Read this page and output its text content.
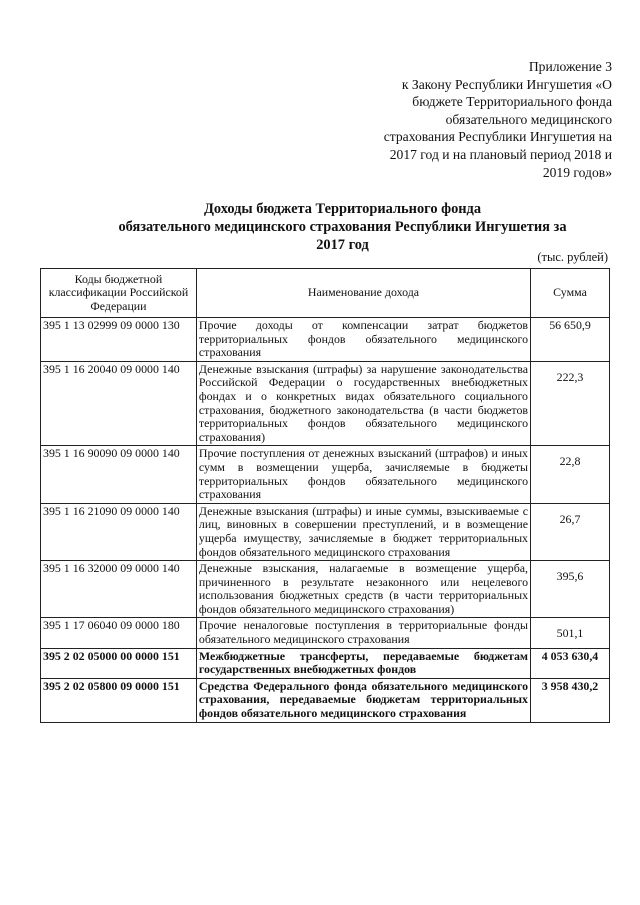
Приложение 3
к Закону Республики Ингушетия «О
бюджете Территориального фонда
обязательного медицинского
страхования Республики Ингушетия на
2017 год и на плановый период 2018 и
2019 годов»
Доходы бюджета Территориального фонда
обязательного медицинского страхования Республики Ингушетия за
2017 год
(тыс. рублей)
Коды бюджетной классификации Российской Федерации	Наименование дохода	Сумма
395 1 13 02999 09 0000 130	Прочие доходы от компенсации затрат бюджетов территориальных фондов обязательного медицинского страхования	56 650,9

395 1 16 20040 09 0000 140	Денежные взыскания (штрафы) за нарушение законодательства Российской Федерации о государственных внебюджетных фондах и о конкретных видах обязательного социального страхования, бюджетного законодательства (в части бюджетов территориальных фондов обязательного медицинского страхования)	222,3

395 1 16 90090 09 0000 140	Прочие поступления от денежных взысканий (штрафов) и иных сумм в возмещении ущерба, зачисляемые в бюджеты территориальных фондов обязательного медицинского страхования	22,8

395 1 16 21090 09 0000 140	Денежные взыскания (штрафы) и иные суммы, взыскиваемые с лиц, виновных в совершении преступлений, и в возмещение ущерба имуществу, зачисляемые в бюджет территориальных фондов обязательного медицинского страхования	26,7

395 1 16 32000 09 0000 140	Денежные взыскания, налагаемые в возмещение ущерба, причиненного в результате незаконного или нецелевого использования бюджетных средств (в части территориальных фондов обязательного медицинского страхования)	395,6

395 1 17 06040 09 0000 180	Прочие неналоговые поступления в территориальные фонды обязательного медицинского страхования	501,1

395 2 02 05000 00 0000 151	Межбюджетные трансферты, передаваемые бюджетам государственных внебюджетных фондов	4 053 630,4

395 2 02 05800 09 0000 151	Средства Федерального фонда обязательного медицинского страхования, передаваемые бюджетам территориальных фондов обязательного медицинского страхования	3 958 430,2
